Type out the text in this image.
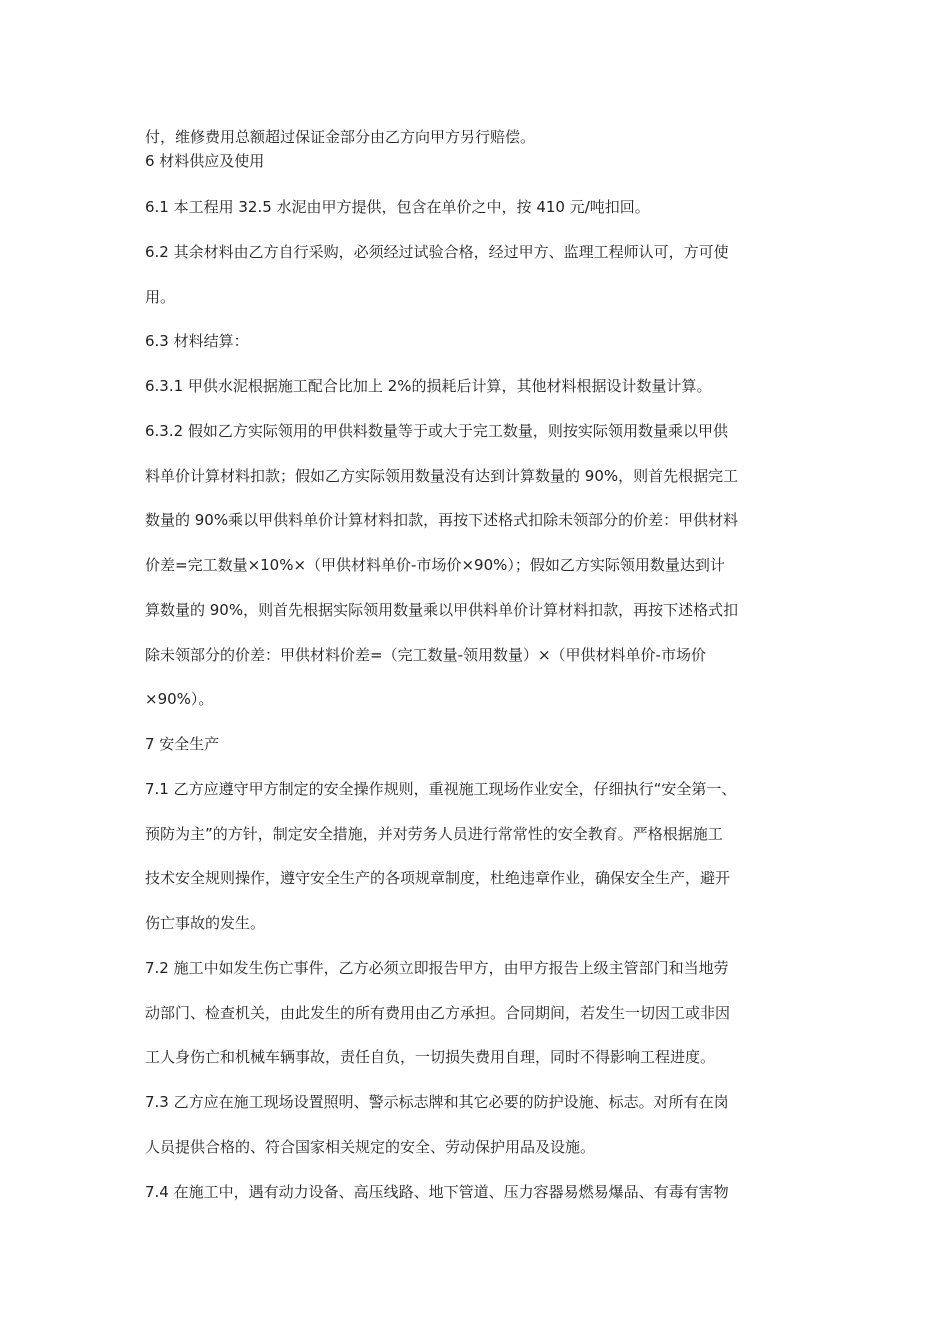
付，维修费用总额超过保证金部分由乙方向甲方另行赔偿。
6 材料供应及使用
6.1 本工程用 32.5 水泥由甲方提供，包含在单价之中，按 410 元/吨扣回。
6.2 其余材料由乙方自行采购，必须经过试验合格，经过甲方、监理工程师认可，方可使
用。
6.3 材料结算：
6.3.1 甲供水泥根据施工配合比加上 2%的损耗后计算，其他材料根据设计数量计算。
6.3.2 假如乙方实际领用的甲供料数量等于或大于完工数量，则按实际领用数量乘以甲供
料单价计算材料扣款；假如乙方实际领用数量没有达到计算数量的 90%，则首先根据完工
数量的 90%乘以甲供料单价计算材料扣款，再按下述格式扣除未领部分的价差：甲供材料
价差=完工数量×10%×（甲供材料单价-市场价×90%）；假如乙方实际领用数量达到计
算数量的 90%，则首先根据实际领用数量乘以甲供料单价计算材料扣款，再按下述格式扣
除未领部分的价差：甲供材料价差=（完工数量-领用数量）×（甲供材料单价-市场价
×90%）。
7 安全生产
7.1 乙方应遵守甲方制定的安全操作规则，重视施工现场作业安全，仔细执行“安全第一、
预防为主”的方针，制定安全措施，并对劳务人员进行常常性的安全教育。严格根据施工
技术安全规则操作，遵守安全生产的各项规章制度，杜绝违章作业，确保安全生产，避开
伤亡事故的发生。
7.2 施工中如发生伤亡事件，乙方必须立即报告甲方，由甲方报告上级主管部门和当地劳
动部门、检查机关，由此发生的所有费用由乙方承担。合同期间，若发生一切因工或非因
工人身伤亡和机械车辆事故，责任自负，一切损失费用自理，同时不得影响工程进度。
7.3 乙方应在施工现场设置照明、警示标志牌和其它必要的防护设施、标志。对所有在岗
人员提供合格的、符合国家相关规定的安全、劳动保护用品及设施。
7.4 在施工中，遇有动力设备、高压线路、地下管道、压力容器易燃易爆品、有毒有害物
